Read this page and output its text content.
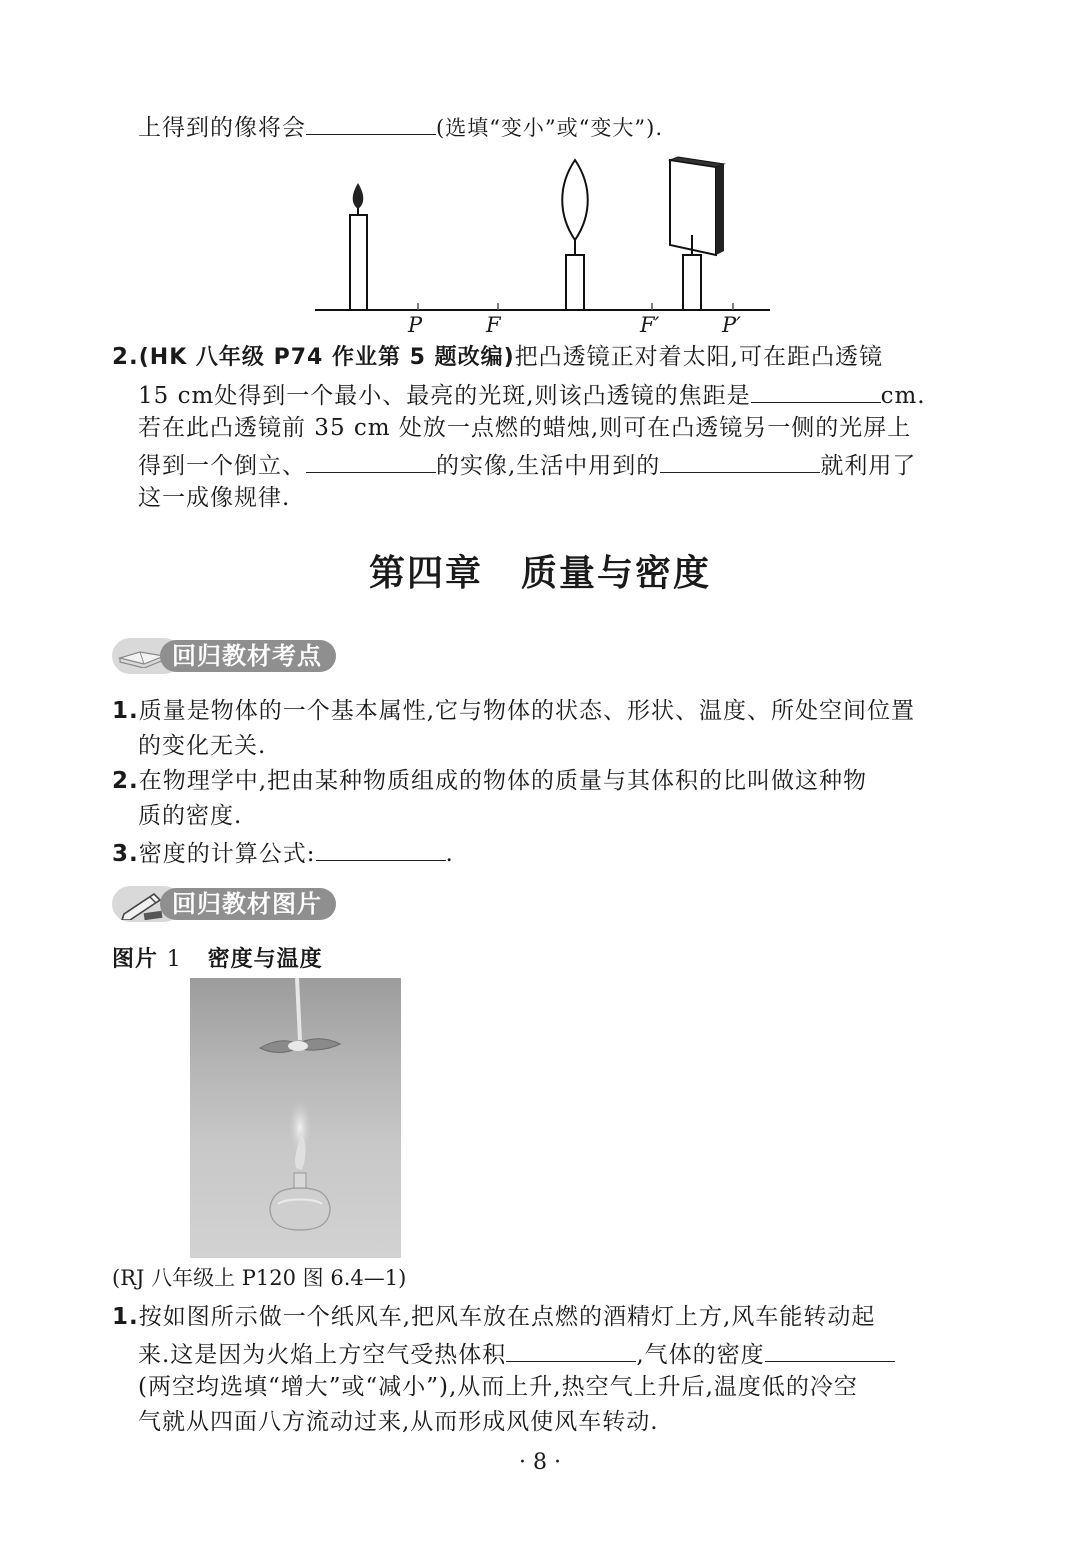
上得到的像将会	(选填“变小”或“变大”).
P	F	F′	P′
2.(HK 八年级 P74 作业第 5 题改编)把凸透镜正对着太阳,可在距凸透镜
15 cm处得到一个最小、最亮的光斑,则该凸透镜的焦距是	cm.
若在此凸透镜前 35 cm 处放一点燃的蜡烛,则可在凸透镜另一侧的光屏上
得到一个倒立、	的实像,生活中用到的	就利用了
这一成像规律.
第四章　质量与密度
回归教材考点
1.质量是物体的一个基本属性,它与物体的状态、形状、温度、所处空间位置
的变化无关.
2.在物理学中,把由某种物质组成的物体的质量与其体积的比叫做这种物
质的密度.
3.密度的计算公式:	.
回归教材图片
图片 1 密度与温度
(RJ 八年级上 P120 图 6.4—1)
1.按如图所示做一个纸风车,把风车放在点燃的酒精灯上方,风车能转动起
来.这是因为火焰上方空气受热体积	,气体的密度
(两空均选填“增大”或“减小”),从而上升,热空气上升后,温度低的冷空
气就从四面八方流动过来,从而形成风使风车转动.
· 8 ·
